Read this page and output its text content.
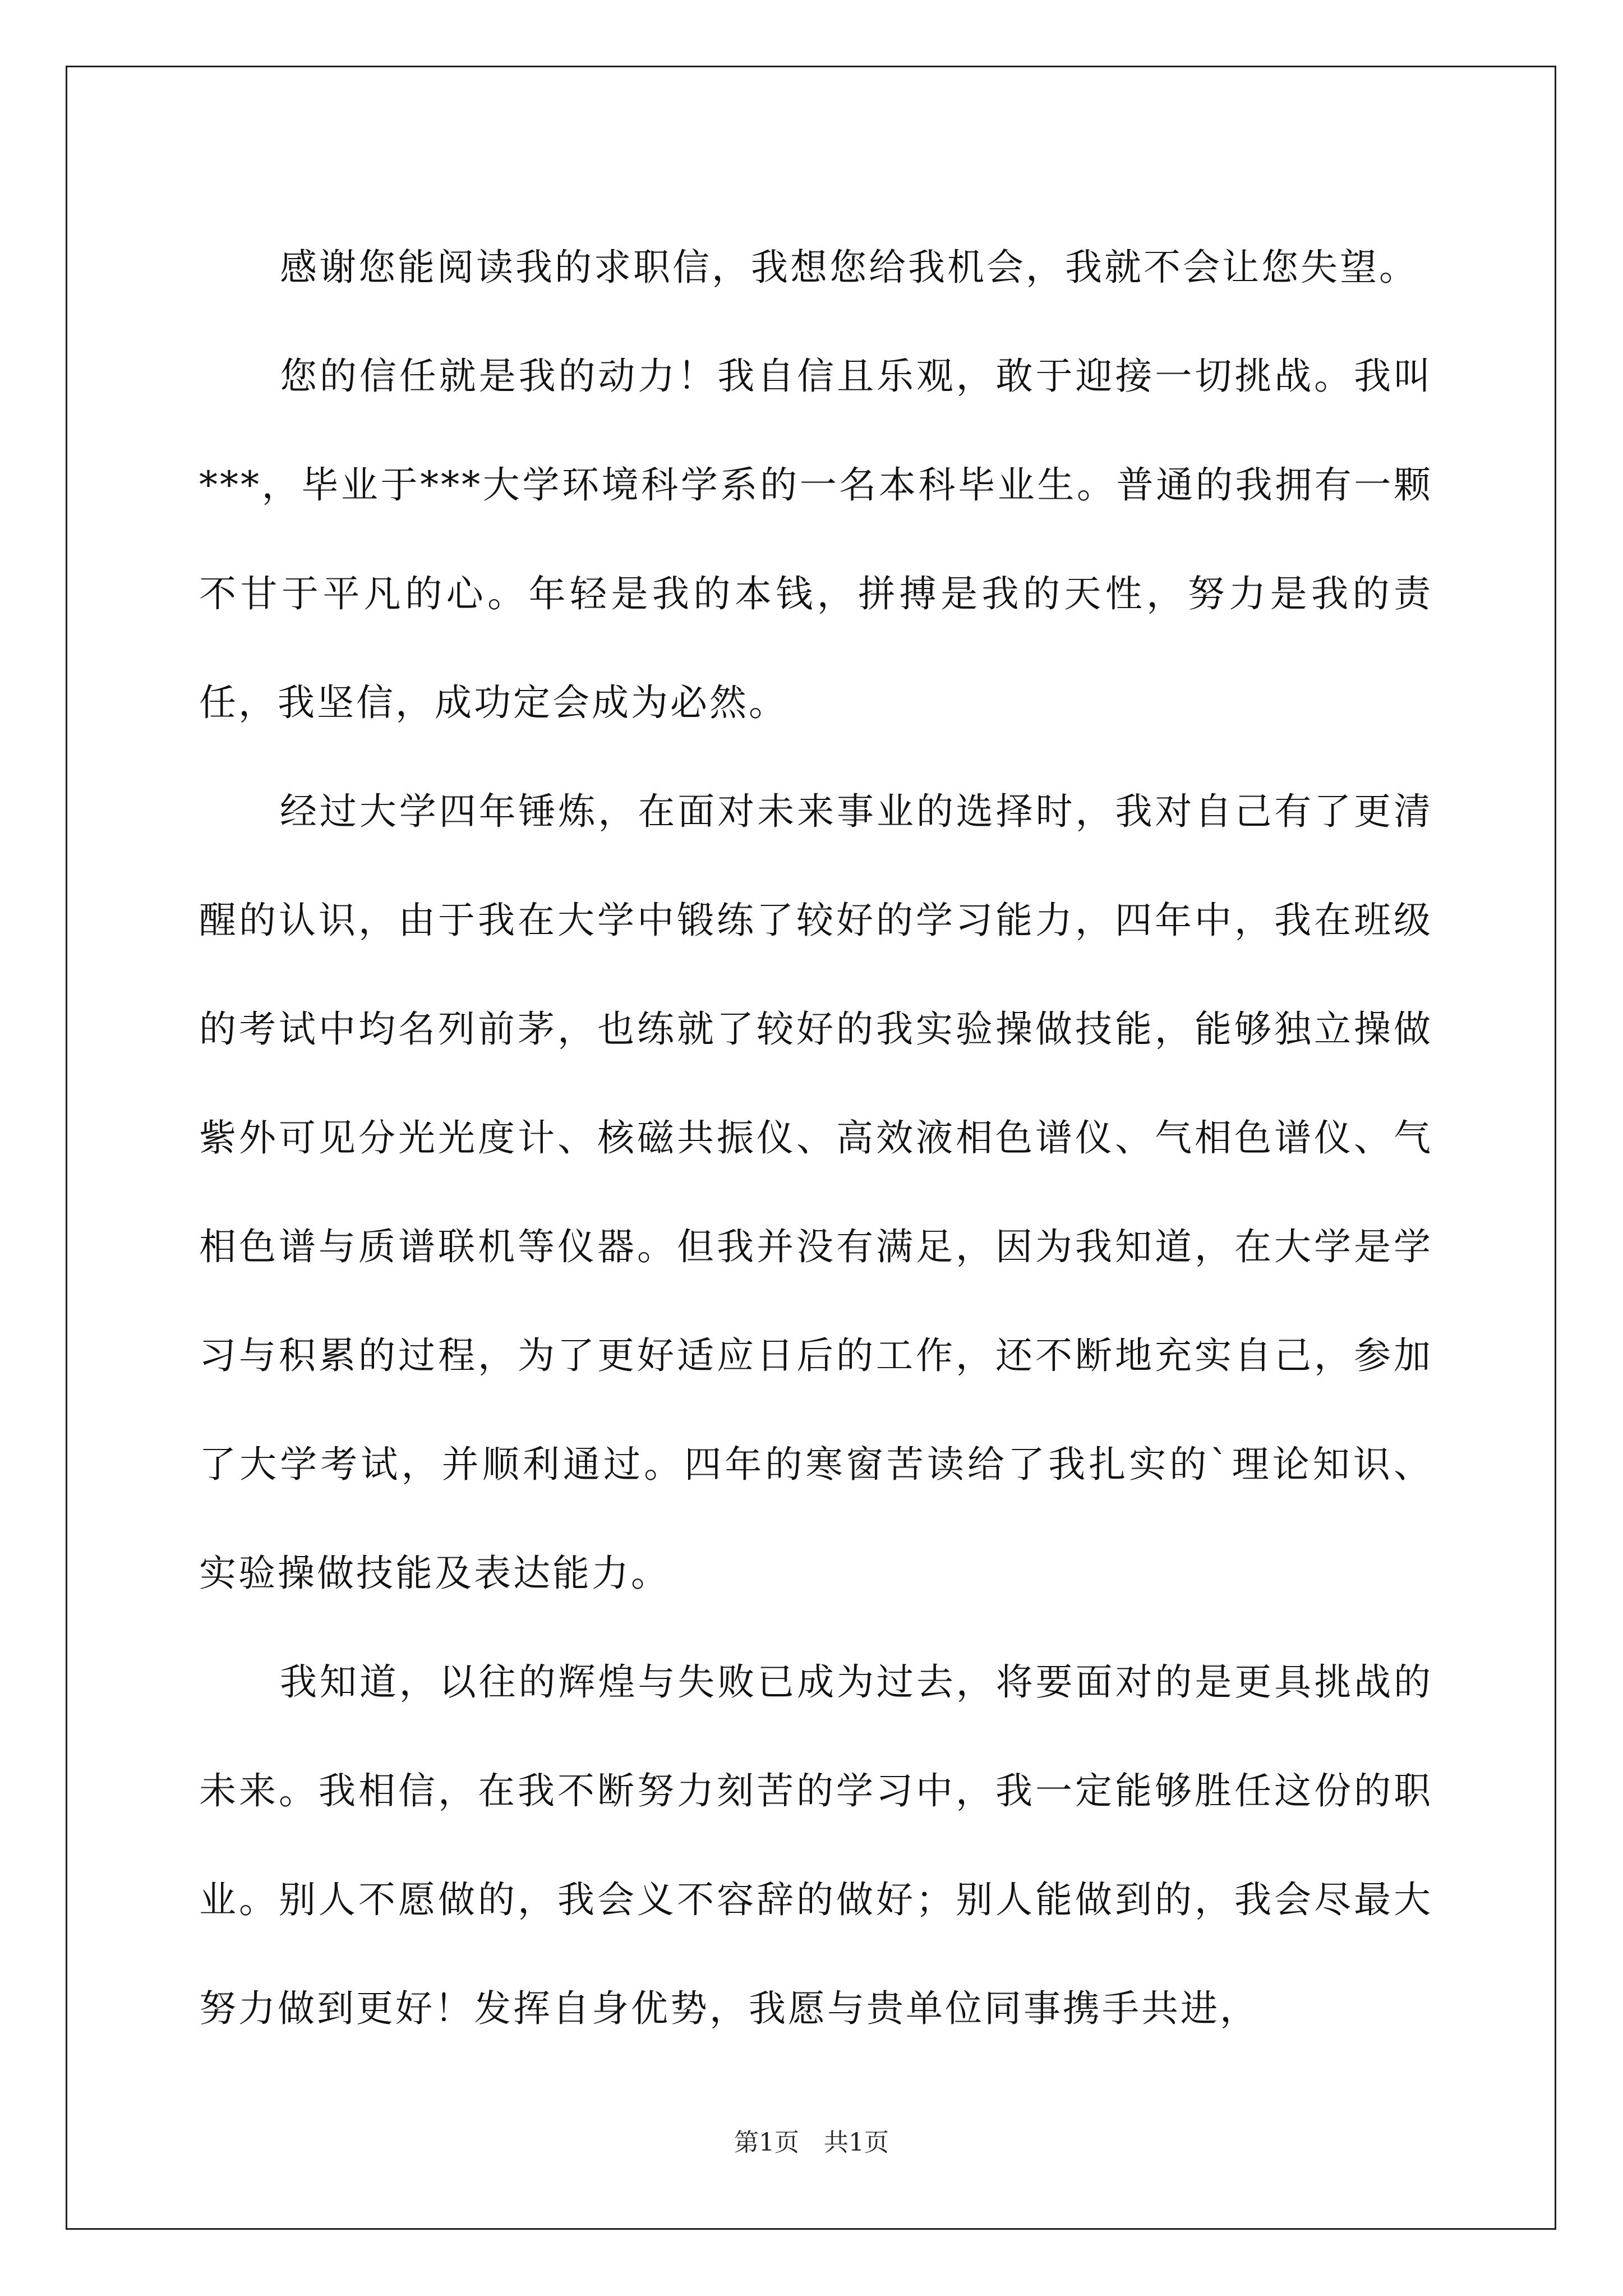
感谢您能阅读我的求职信，我想您给我机会，我就不会让您失望。

您的信任就是我的动力！我自信且乐观，敢于迎接一切挑战。我叫***，毕业于***大学环境科学系的一名本科毕业生。普通的我拥有一颗不甘于平凡的心。年轻是我的本钱，拼搏是我的天性，努力是我的责任，我坚信，成功定会成为必然。

经过大学四年锤炼，在面对未来事业的选择时，我对自己有了更清醒的认识，由于我在大学中锻练了较好的学习能力，四年中，我在班级的考试中均名列前茅，也练就了较好的我实验操做技能，能够独立操做紫外可见分光光度计、核磁共振仪、高效液相色谱仪、气相色谱仪、气相色谱与质谱联机等仪器。但我并没有满足，因为我知道，在大学是学习与积累的过程，为了更好适应日后的工作，还不断地充实自己，参加了大学考试，并顺利通过。四年的寒窗苦读给了我扎实的`理论知识、实验操做技能及表达能力。

我知道，以往的辉煌与失败已成为过去，将要面对的是更具挑战的未来。我相信，在我不断努力刻苦的学习中，我一定能够胜任这份的职业。别人不愿做的，我会义不容辞的做好；别人能做到的，我会尽最大努力做到更好！发挥自身优势，我愿与贵单位同事携手共进，

第1页 共1页
